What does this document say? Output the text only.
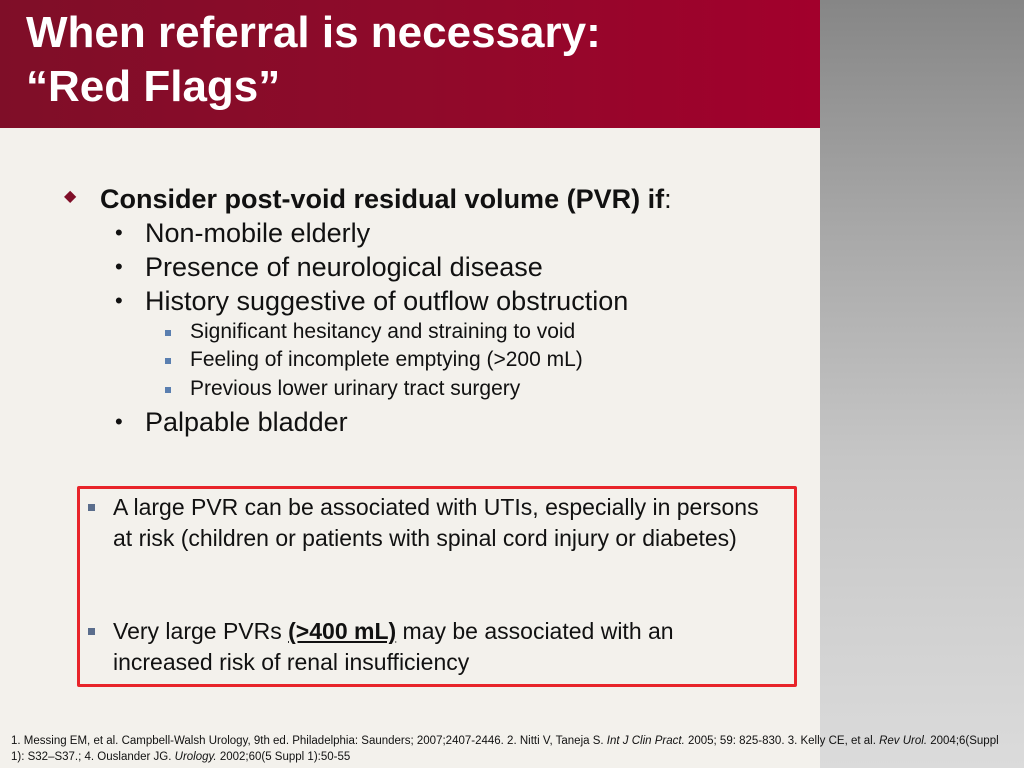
When referral is necessary:
“Red Flags”
◆ Consider post-void residual volume (PVR) if:
• Non-mobile elderly
• Presence of neurological disease
• History suggestive of outflow obstruction
Significant hesitancy and straining to void
Feeling of incomplete emptying (>200 mL)
Previous lower urinary tract surgery
• Palpable bladder
A large PVR can be associated with UTIs, especially in persons at risk (children or patients with spinal cord injury or diabetes)
Very large PVRs (>400 mL) may be associated with an increased risk of renal insufficiency
1. Messing EM, et al. Campbell-Walsh Urology, 9th ed. Philadelphia: Saunders; 2007;2407-2446. 2. Nitti V, Taneja S. Int J Clin Pract. 2005; 59: 825-830. 3. Kelly CE, et al. Rev Urol. 2004;6(Suppl 1): S32–S37.; 4. Ouslander JG. Urology. 2002;60(5 Suppl 1):50-55
